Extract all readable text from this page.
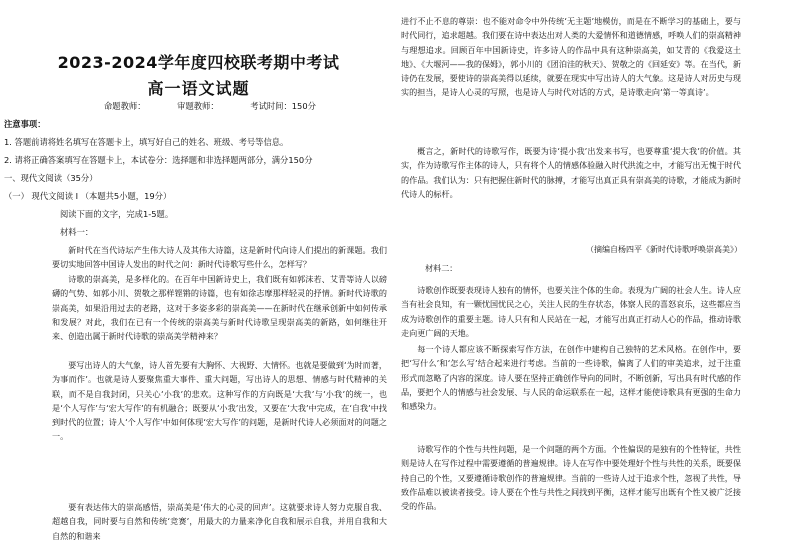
2023-2024学年度四校联考期中考试
高一语文试题
命题教师：	审题教师：	考试时间：150分
注意事项：
1. 答题前请将姓名填写在答题卡上，填写好自己的姓名、班级、考号等信息。
2. 请将正确答案填写在答题卡上，本试卷分：选择题和非选择题两部分，满分150分
一、现代文阅读（35分）
（一） 现代文阅读 I （本题共5小题，19分）
阅读下面的文字，完成1-5题。
材料一：

新时代在当代诗坛产生伟大诗人及其伟大诗篇，这是新时代向诗人们提出的新课题。我们要切实地回答中国诗人发出的时代之问：新时代诗歌写些什么，怎样写？

诗歌的崇高美，是多样化的。在百年中国新诗史上，我们既有如郭沫若、艾青等诗人以磅礴的气势、如郭小川、贺敬之那样铿锵的诗篇，也有如徐志摩那样轻灵的抒情。新时代诗歌的崇高美，如果沿用过去的老路，这对于多姿多彩的崇高美——在新时代在继承创新中如何传承和发展？对此，我们在已有一个传统的崇高美与新时代诗歌呈现崇高美的新路，如何继往开来、创造出属于新时代诗歌的崇高美学精神来？

要写出诗人的大气象，诗人首先要有大胸怀、大视野、大情怀。也就是要做到‘为时而著，为事而作’。也就是诗人要聚焦重大事件、重大问题，写出诗人的思想、情感与时代精神的关联，而不是自我封闭，只关心‘小我’的悲欢。这种写作的方向既是‘大我’与‘小我’的统一，也是‘个人写作’与‘宏大写作’的有机融合；既要从‘小我’出发，又要在‘大我’中完成，在‘自我’中找到时代的位置；诗人‘个人写作’中如何体现‘宏大写作’的问题，是新时代诗人必须面对的问题之一。

要有表达伟大的崇高感悟，崇高美是‘伟大的心灵的回声’。这就要求诗人努力克服自我、超越自我，同时要与自然和传统‘竞赛’，用最大的力量来净化自我和展示自我，并用自我和大自然的和谐来

进行不止不息的尊崇：也不能对命令中外传统‘无主题’地模仿，而是在不断学习的基础上，要与时代同行，追求超越。我们要在诗中表达出对人类的大爱情怀和道德情感，呼唤人们的崇高精神与理想追求。回顾百年中国新诗史，许多诗人的作品中具有这种崇高美，如艾青的《我爱这土地》、《大堰河——我的保姆》，郭小川的《团泊洼的秋天》、贺敬之的《回延安》等。在当代，新诗仍在发展，要使诗的崇高美得以延续，就要在现实中写出诗人的大气象。这是诗人对历史与现实的担当，是诗人心灵的写照，也是诗人与时代对话的方式，是诗歌走向‘第一等真诗’。

概言之，新时代的诗歌写作，既要为诗‘提小我’出发来书写，也要尊重‘提大我’的价值。其实，作为诗歌写作主体的诗人，只有将个人的情感体验融入时代洪流之中，才能写出无愧于时代的作品。我们认为：只有把握住新时代的脉搏，才能写出真正具有崇高美的诗歌，才能成为新时代诗人的标杆。

（摘编自杨四平《新时代诗歌呼唤崇高美》）
材料二：

诗歌创作既要表现诗人独有的情怀，也要关注个体的生命。表现为广阔的社会人生。诗人应当有社会良知，有一颗忧国忧民之心，关注人民的生存状态，体察人民的喜怒哀乐，这些都应当成为诗歌创作的重要主题。诗人只有和人民站在一起，才能写出真正打动人心的作品，推动诗歌走向更广阔的天地。

每一个诗人都应该不断探索写作方法，在创作中建构自己独特的艺术风格。在创作中，要把‘写什么’和‘怎么写’结合起来进行考虑。当前的一些诗歌，偏离了人们的审美追求，过于注重形式而忽略了内容的深度。诗人要在坚持正确创作导向的同时，不断创新，写出具有时代感的作品，要把个人的情感与社会发展、与人民的命运联系在一起，这样才能使诗歌具有更强的生命力和感染力。

诗歌写作的个性与共性问题，是一个问题的两个方面。个性偏误的是独有的个性特征，共性则是诗人在写作过程中需要遵循的普遍规律。诗人在写作中要处理好个性与共性的关系，既要保持自己的个性，又要遵循诗歌创作的普遍规律。当前的一些诗人过于追求个性，忽视了共性，导致作品难以被读者接受。诗人要在个性与共性之间找到平衡，这样才能写出既有个性又被广泛接受的作品。
